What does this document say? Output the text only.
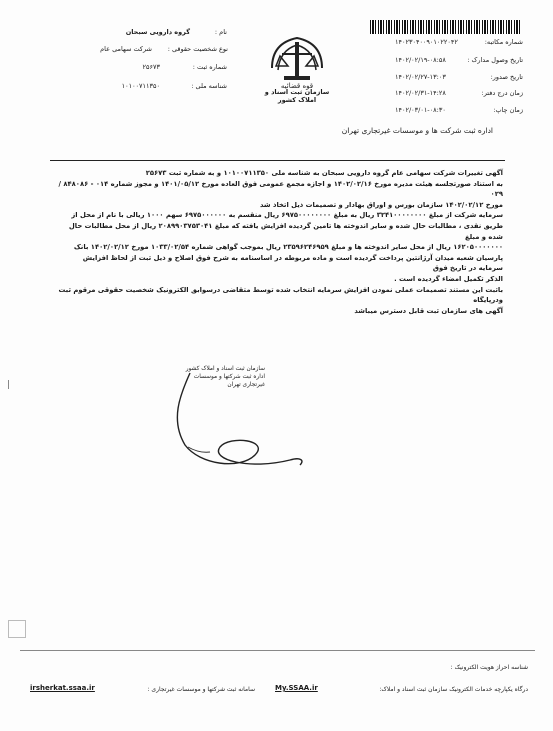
شماره مکاتبه:
۱۴۰۲۳۰۴۰۰۹۰۱۰۲۲۰۴۲
تاریخ وصول مدارک :
۱۴۰۲/۰۲/۱۹-۰۸:۵۸
تاریخ صدور:
۱۴۰۲/۰۲/۲۷-۱۳:۰۳
زمان درج دفتر:
۱۴۰۲/۰۲/۳۱-۱۴:۲۸
زمان چاپ:
۱۴۰۲/۰۳/۰۱-۰۸:۳۰
قوه قضائیه
سازمان ثبت اسناد و املاک کشور
نام :
گروه دارویی سبحان
نوع شخصیت حقوقی :
شرکت سهامی عام
شماره ثبت :
۲۵۶۷۳
شناسه ملی :
۱۰۱۰۰۷۱۱۳۵۰
اداره ثبت شرکت ها و موسسات غیرتجاری تهران

آگهی تغییرات شرکت سهامی عام گروه دارویی سبحان به شناسه ملی ۱۰۱۰۰۷۱۱۳۵۰ و به شماره ثبت ۲۵۶۷۳

به استناد صورتجلسه هیئت مدیره مورخ ۱۴۰۲/۰۲/۱۶ و اجازه مجمع عمومی فوق العاده مورخ ۱۴۰۱/۰۵/۱۲ و مجوز شماره ۰۱۴ - ۸۴۸۰۸۶ / ۰۲۹

مورخ ۱۴۰۲/۰۲/۱۲ سازمان بورس و اوراق بهادار و تصمیمات ذیل اتخاذ شد

سرمایه شرکت از مبلغ ۳۲۴۱۰۰۰۰۰۰۰۰ ریال به مبلغ ۶۹۷۵۰۰۰۰۰۰۰۰ ریال منقسم به ۶۹۷۵۰۰۰۰۰۰ سهم ۱۰۰۰ ریالی با نام از محل از

طریق نقدی ، مطالبات حال شده و سایر اندوخته ها تامین گردیده افزایش یافته که مبلغ ۲۰۸۹۹۰۳۷۵۳۰۴۱ ریال از محل مطالبات حال شده و مبلغ

۱۶۲۰۵۰۰۰۰۰۰۰ ریال از محل سایر اندوخته ها و مبلغ ۲۳۵۹۶۲۴۶۹۵۹ ریال بموجب گواهی شماره ۱۰۳۳/۰۲/۵۴ مورخ ۱۴۰۲/۰۲/۱۲ بانک

پارسیان شعبه میدان آرژانتین پرداخت گردیده است و ماده مربوطه در اساسنامه به شرح فوق اصلاح و ذیل ثبت از لحاظ افزایش سرمایه در تاریخ فوق

الذکر تکمیل امضاء گردیده است .

باثبت این مستند تصمیمات عملی نمودن افزایش سرمایه انتخاب شده توسط متقاضی درسوابق الکترونیک شخصیت حقوقی مرقوم ثبت ودرپایگاه

آگهی های سازمان ثبت قابل دسترس میباشد

سازمان ثبت اسناد و املاک کشور
اداره ثبت شرکتها و موسسات غیرتجاری تهران
شناسه احراز هویت الکترونیک :
درگاه یکپارچه خدمات الکترونیک سازمان ثبت اسناد و املاک:
My.SSAA.ir
سامانه ثبت شرکتها و موسسات غیرتجاری :
irsherkat.ssaa.ir
